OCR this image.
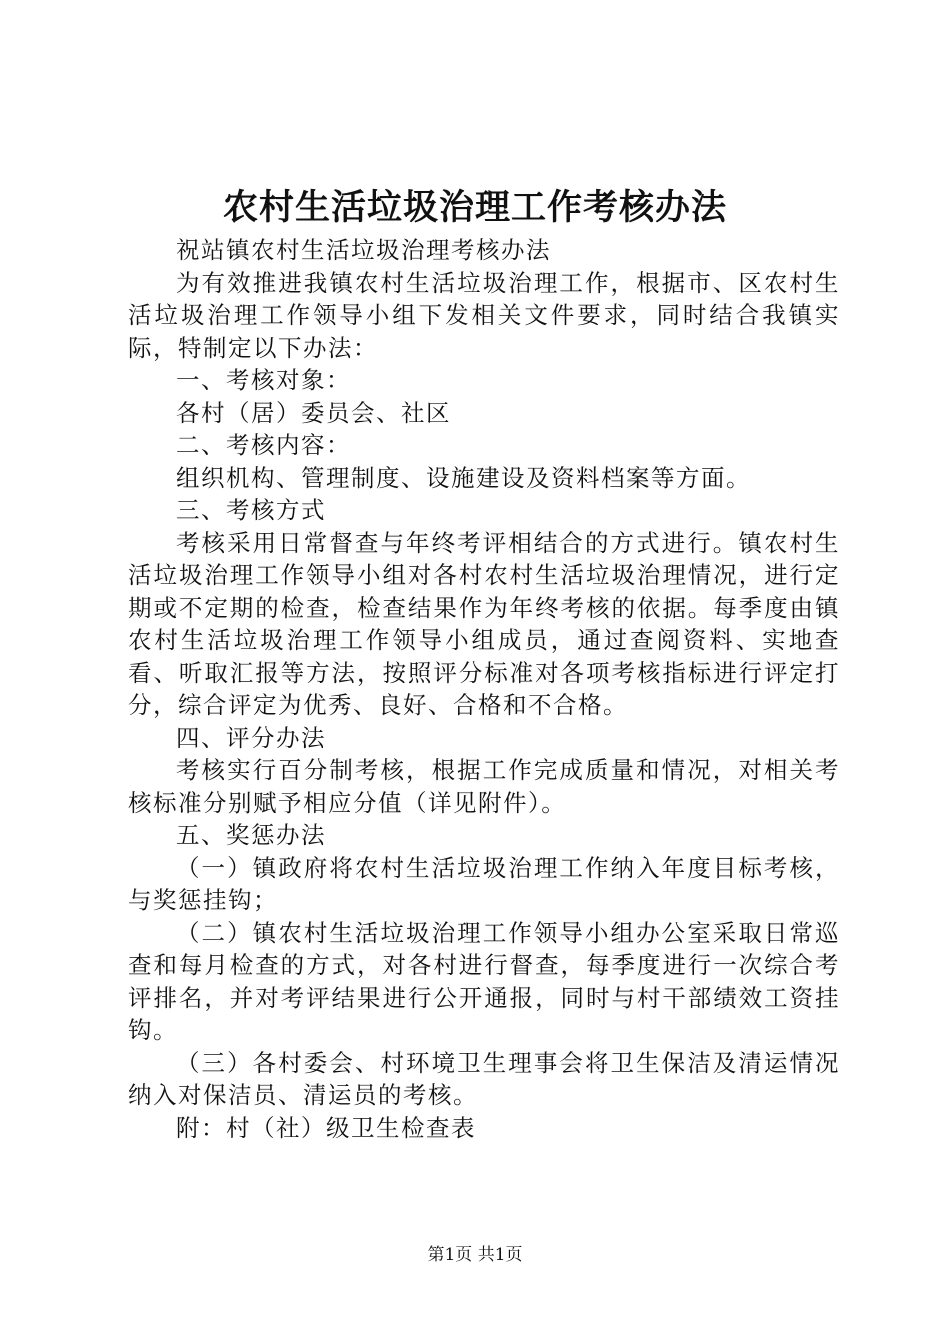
农村生活垃圾治理工作考核办法

祝站镇农村生活垃圾治理考核办法

为有效推进我镇农村生活垃圾治理工作，根据市、区农村生活垃圾治理工作领导小组下发相关文件要求，同时结合我镇实际，特制定以下办法：

一、考核对象：

各村（居）委员会、社区

二、考核内容：

组织机构、管理制度、设施建设及资料档案等方面。

三、考核方式

考核采用日常督查与年终考评相结合的方式进行。镇农村生活垃圾治理工作领导小组对各村农村生活垃圾治理情况，进行定期或不定期的检查，检查结果作为年终考核的依据。每季度由镇农村生活垃圾治理工作领导小组成员，通过查阅资料、实地查看、听取汇报等方法，按照评分标准对各项考核指标进行评定打分，综合评定为优秀、良好、合格和不合格。

四、评分办法

考核实行百分制考核，根据工作完成质量和情况，对相关考核标准分别赋予相应分值（详见附件）。

五、奖惩办法

（一）镇政府将农村生活垃圾治理工作纳入年度目标考核，与奖惩挂钩；

（二）镇农村生活垃圾治理工作领导小组办公室采取日常巡查和每月检查的方式，对各村进行督查，每季度进行一次综合考评排名，并对考评结果进行公开通报，同时与村干部绩效工资挂钩。

（三）各村委会、村环境卫生理事会将卫生保洁及清运情况纳入对保洁员、清运员的考核。

附：村（社）级卫生检查表

第1页 共1页
